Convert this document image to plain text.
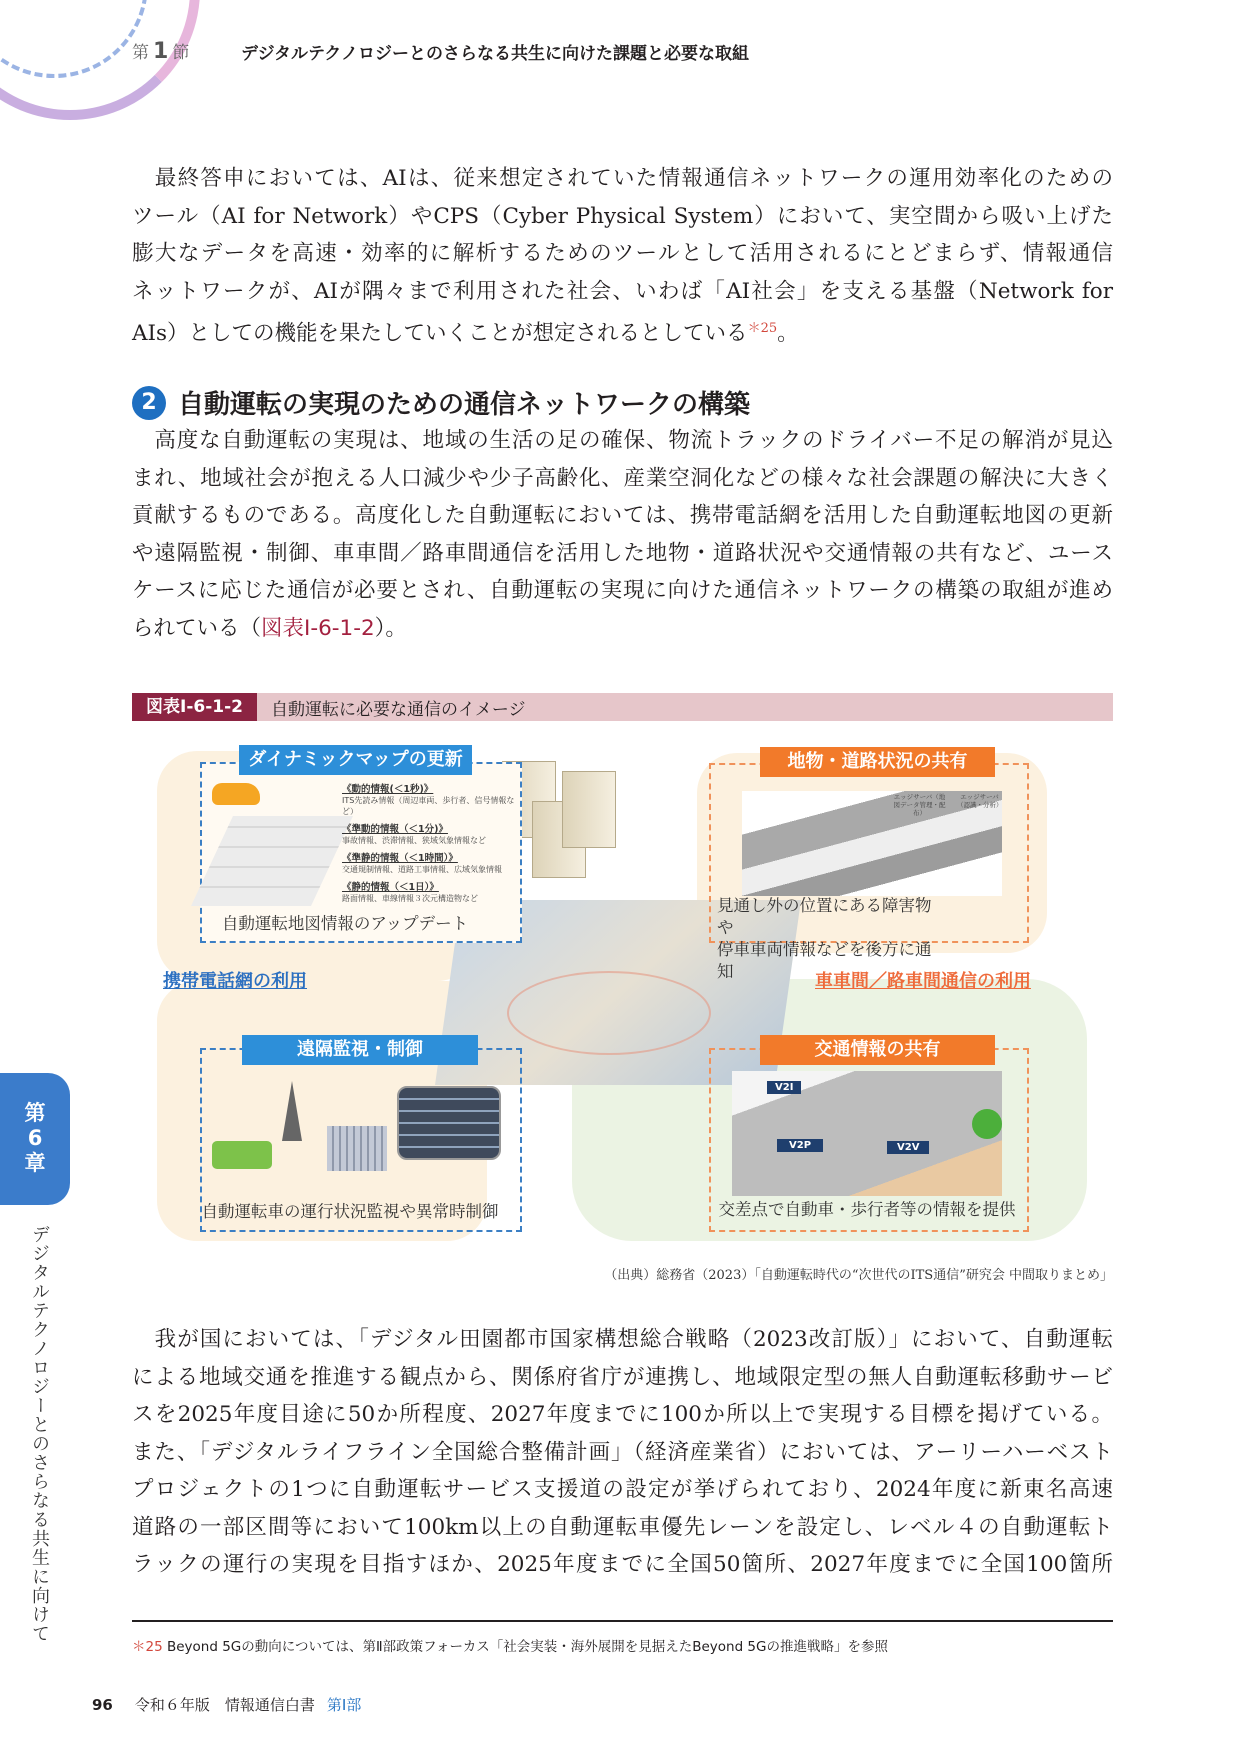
第 1 節	デジタルテクノロジーとのさらなる共生に向けた課題と必要な取組
　最終答申においては、AIは、従来想定されていた情報通信ネットワークの運用効率化のための
ツール（AI for Network）やCPS（Cyber Physical System）において、実空間から吸い上げた
膨大なデータを高速・効率的に解析するためのツールとして活用されるにとどまらず、情報通信
ネットワークが、AIが隅々まで利用された社会、いわば「AI社会」を支える基盤（Network for
AIs）としての機能を果たしていくことが想定されるとしている$^{*25}$。
2 自動運転の実現のための通信ネットワークの構築
　高度な自動運転の実現は、地域の生活の足の確保、物流トラックのドライバー不足の解消が見込
まれ、地域社会が抱える人口減少や少子高齢化、産業空洞化などの様々な社会課題の解決に大きく
貢献するものである。高度化した自動運転においては、携帯電話網を活用した自動運転地図の更新
や遠隔監視・制御、車車間／路車間通信を活用した地物・道路状況や交通情報の共有など、ユース
ケースに応じた通信が必要とされ、自動運転の実現に向けた通信ネットワークの構築の取組が進め
られている（図表Ⅰ-6-1-2）。
図表Ⅰ-6-1-2	自動運転に必要な通信のイメージ
ダイナミックマップの更新
《動的情報(＜1秒)》
ITS先読み情報（周辺車両、歩行者、信号情報など）
《準動的情報（＜1分)》
事故情報、渋滞情報、狭域気象情報など
《準静的情報（＜1時間）》
交通規制情報、道路工事情報、広域気象情報
《静的情報（＜1日）》
路面情報、車線情報３次元構造物など
自動運転地図情報のアップデート
地物・道路状況の共有
エッジサーバ（地図データ管理・配布）
エッジサーバ（認識・分析）
見通し外の位置にある障害物や
停車車両情報などを後方に通知
携帯電話網の利用	車車間／路車間通信の利用
遠隔監視・制御
自動運転車の運行状況監視や異常時制御
交通情報の共有
V2I
V2P	V2V
交差点で自動車・歩行者等の情報を提供
（出典）総務省（2023）「自動運転時代の“次世代のITS通信”研究会 中間取りまとめ」
　我が国においては、「デジタル田園都市国家構想総合戦略（2023改訂版）」において、自動運転
による地域交通を推進する観点から、関係府省庁が連携し、地域限定型の無人自動運転移動サービ
スを2025年度目途に50か所程度、2027年度までに100か所以上で実現する目標を掲げている。
また、「デジタルライフライン全国総合整備計画」（経済産業省）においては、アーリーハーベスト
プロジェクトの1つに自動運転サービス支援道の設定が挙げられており、2024年度に新東名高速
道路の一部区間等において100km以上の自動運転車優先レーンを設定し、レベル４の自動運転ト
ラックの運行の実現を目指すほか、2025年度までに全国50箇所、2027年度までに全国100箇所
＊25 Beyond 5Gの動向については、第Ⅱ部政策フォーカス「社会実装・海外展開を見据えたBeyond 5Gの推進戦略」を参照
96 令和６年版　情報通信白書 第Ⅰ部
第
6
章
デジタルテクノロジーとのさらなる共生に向けて
